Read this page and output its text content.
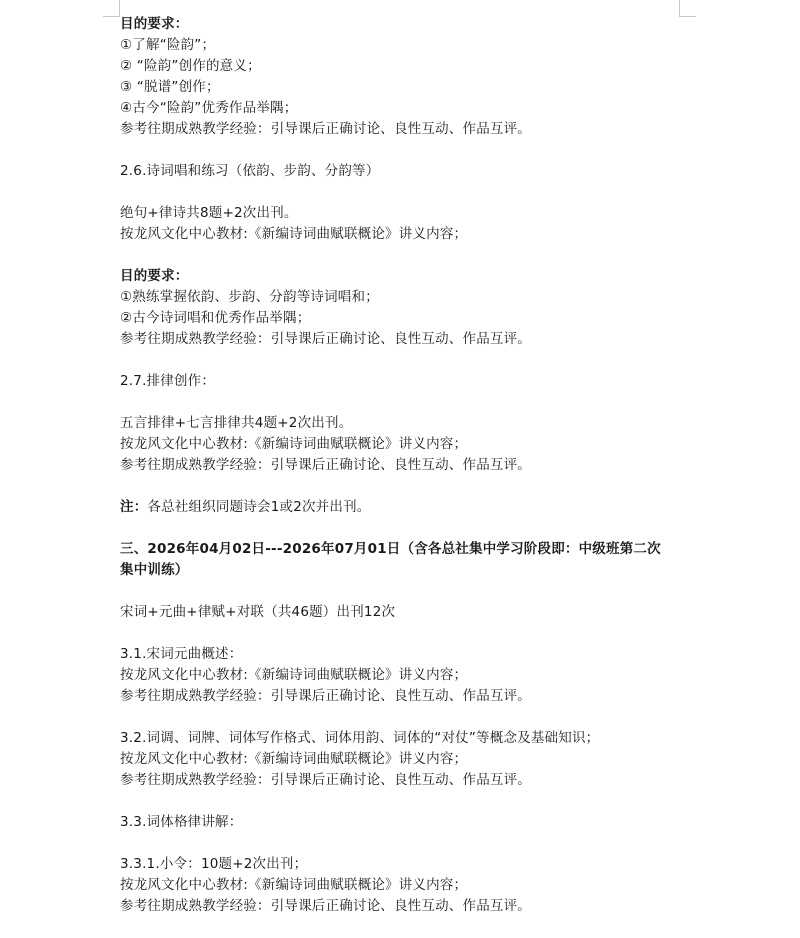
目的要求：
①了解“险韵”；
② “险韵”创作的意义；
③ “脱谱”创作；
④古今“险韵”优秀作品举隅；
参考往期成熟教学经验：引导课后正确讨论、良性互动、作品互评。
2.6.诗词唱和练习（依韵、步韵、分韵等）
绝句+律诗共8题+2次出刊。
按龙风文化中心教材:《新编诗词曲赋联概论》讲义内容；
目的要求：
①熟练掌握依韵、步韵、分韵等诗词唱和；
②古今诗词唱和优秀作品举隅；
参考往期成熟教学经验：引导课后正确讨论、良性互动、作品互评。
2.7.排律创作：
五言排律+七言排律共4题+2次出刊。
按龙风文化中心教材:《新编诗词曲赋联概论》讲义内容；
参考往期成熟教学经验：引导课后正确讨论、良性互动、作品互评。
注：各总社组织同题诗会1或2次并出刊。
三、2026年04月02日---2026年07月01日（含各总社集中学习阶段即：中级班第二次
集中训练）
宋词+元曲+律赋+对联（共46题）出刊12次
3.1.宋词元曲概述：
按龙风文化中心教材:《新编诗词曲赋联概论》讲义内容；
参考往期成熟教学经验：引导课后正确讨论、良性互动、作品互评。
3.2.词调、词牌、词体写作格式、词体用韵、词体的“对仗”等概念及基础知识；
按龙风文化中心教材:《新编诗词曲赋联概论》讲义内容；
参考往期成熟教学经验：引导课后正确讨论、良性互动、作品互评。
3.3.词体格律讲解：
3.3.1.小令：10题+2次出刊；
按龙风文化中心教材:《新编诗词曲赋联概论》讲义内容；
参考往期成熟教学经验：引导课后正确讨论、良性互动、作品互评。
